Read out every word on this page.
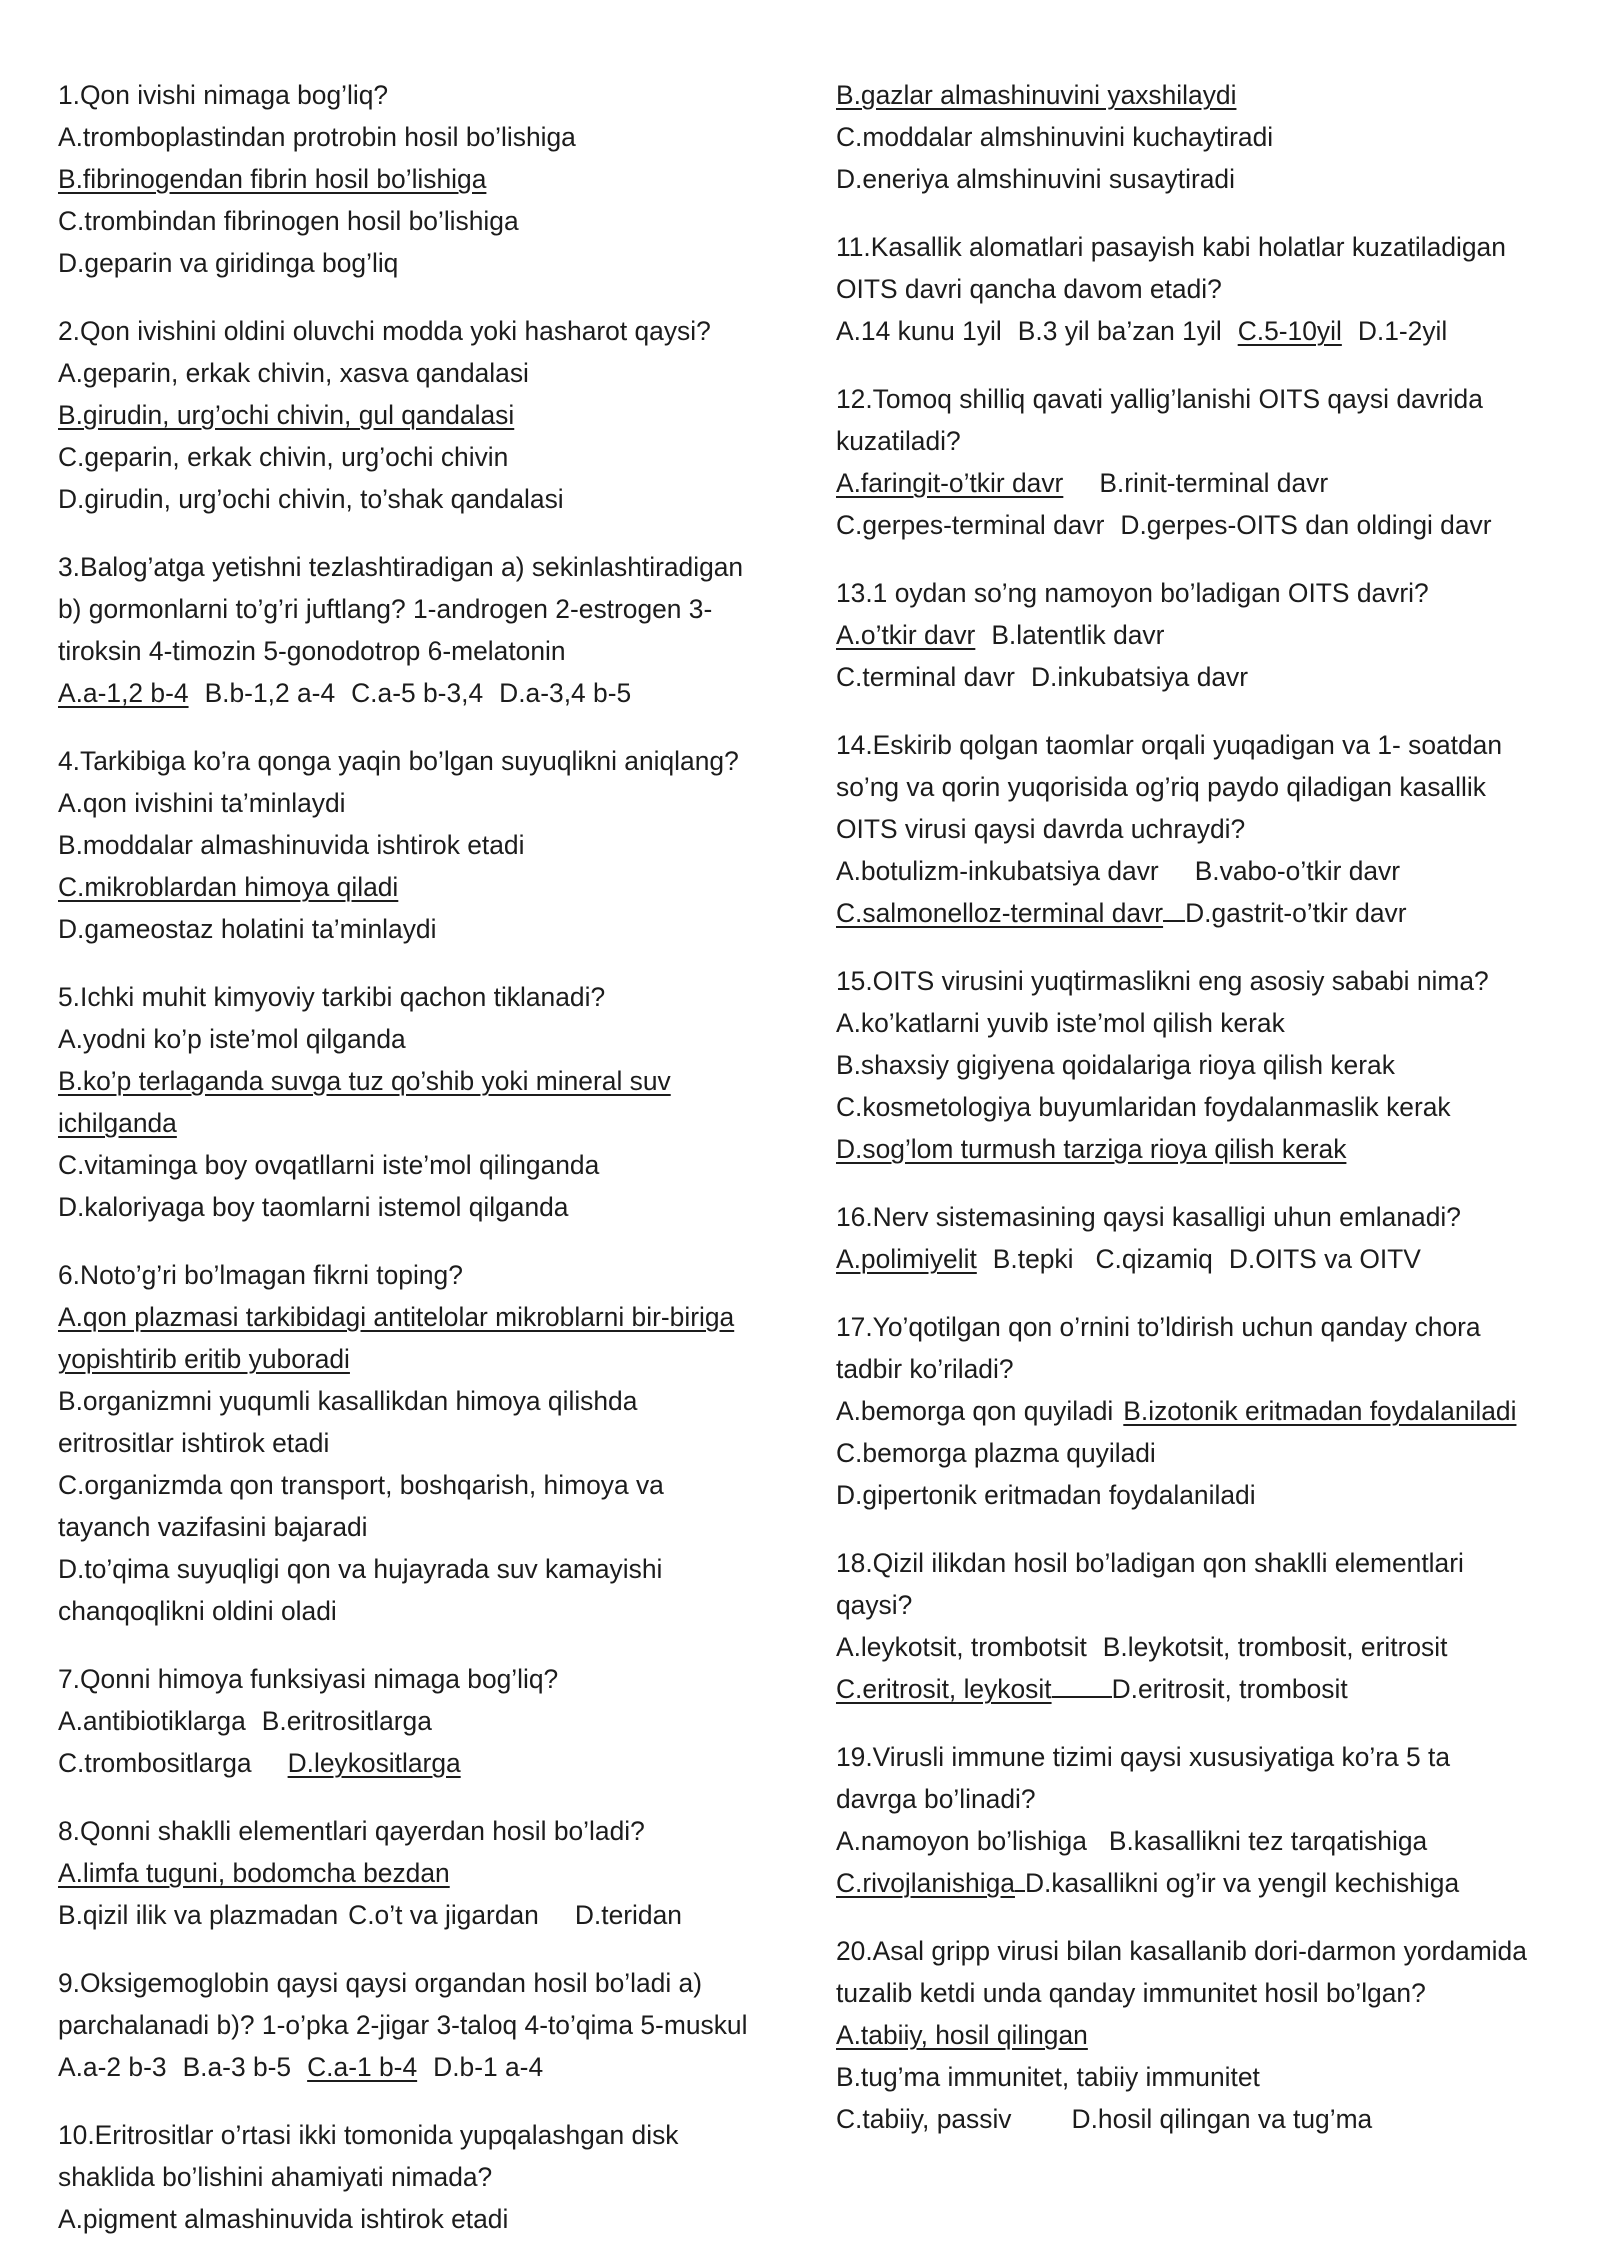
1.Qon ivishi nimaga bog’liq?
A.tromboplastindan protrobin hosil bo’lishiga
B.fibrinogendan fibrin hosil bo’lishiga
C.trombindan fibrinogen hosil bo’lishiga
D.geparin va giridinga bog’liq
2.Qon ivishini oldini oluvchi modda yoki hasharot qaysi?
A.geparin, erkak chivin, xasva qandalasi
B.girudin, urg’ochi chivin, gul qandalasi
C.geparin, erkak chivin, urg’ochi chivin
D.girudin, urg’ochi chivin, to’shak qandalasi
3.Balog’atga yetishni tezlashtiradigan a) sekinlashtiradigan
b) gormonlarni to’g’ri juftlang? 1-androgen 2-estrogen 3-
tiroksin 4-timozin 5-gonodotrop 6-melatonin
A.a-1,2 b-4 B.b-1,2 a-4 C.a-5 b-3,4 D.a-3,4 b-5
4.Tarkibiga ko’ra qonga yaqin bo’lgan suyuqlikni aniqlang?
A.qon ivishini ta’minlaydi
B.moddalar almashinuvida ishtirok etadi
C.mikroblardan himoya qiladi
D.gameostaz holatini ta’minlaydi
5.Ichki muhit kimyoviy tarkibi qachon tiklanadi?
A.yodni ko’p iste’mol qilganda
B.ko’p terlaganda suvga tuz qo’shib yoki mineral suv
ichilganda
C.vitaminga boy ovqatllarni iste’mol qilinganda
D.kaloriyaga boy taomlarni istemol qilganda
6.Noto’g’ri bo’lmagan fikrni toping?
A.qon plazmasi tarkibidagi antitelolar mikroblarni bir-biriga
yopishtirib eritib yuboradi
B.organizmni yuqumli kasallikdan himoya qilishda
eritrositlar ishtirok etadi
C.organizmda qon transport, boshqarish, himoya va
tayanch vazifasini bajaradi
D.to’qima suyuqligi qon va hujayrada suv kamayishi
chanqoqlikni oldini oladi
7.Qonni himoya funksiyasi nimaga bog’liq?
A.antibiotiklarga B.eritrositlarga
C.trombositlarga D.leykositlarga
8.Qonni shaklli elementlari qayerdan hosil bo’ladi?
A.limfa tuguni, bodomcha bezdan
B.qizil ilik va plazmadan C.o’t va jigardan D.teridan
9.Oksigemoglobin qaysi qaysi organdan hosil bo’ladi a)
parchalanadi b)? 1-o’pka 2-jigar 3-taloq 4-to’qima 5-muskul
A.a-2 b-3 B.a-3 b-5 C.a-1 b-4 D.b-1 a-4
10.Eritrositlar o’rtasi ikki tomonida yupqalashgan disk
shaklida bo’lishini ahamiyati nimada?
A.pigment almashinuvida ishtirok etadi
B.gazlar almashinuvini yaxshilaydi
C.moddalar almshinuvini kuchaytiradi
D.eneriya almshinuvini susaytiradi
11.Kasallik alomatlari pasayish kabi holatlar kuzatiladigan
OITS davri qancha davom etadi?
A.14 kunu 1yil B.3 yil ba’zan 1yil C.5-10yil D.1-2yil
12.Tomoq shilliq qavati yallig’lanishi OITS qaysi davrida
kuzatiladi?
A.faringit-o’tkir davr B.rinit-terminal davr
C.gerpes-terminal davr D.gerpes-OITS dan oldingi davr
13.1 oydan so’ng namoyon bo’ladigan OITS davri?
A.o’tkir davr B.latentlik davr
C.terminal davr D.inkubatsiya davr
14.Eskirib qolgan taomlar orqali yuqadigan va 1- soatdan
so’ng va qorin yuqorisida og’riq paydo qiladigan kasallik
OITS virusi qaysi davrda uchraydi?
A.botulizm-inkubatsiya davr B.vabo-o’tkir davr
C.salmonelloz-terminal davr D.gastrit-o’tkir davr
15.OITS virusini yuqtirmaslikni eng asosiy sababi nima?
A.ko’katlarni yuvib iste’mol qilish kerak
B.shaxsiy gigiyena qoidalariga rioya qilish kerak
C.kosmetologiya buyumlaridan foydalanmaslik kerak
D.sog’lom turmush tarziga rioya qilish kerak
16.Nerv sistemasining qaysi kasalligi uhun emlanadi?
A.polimiyelit B.tepki C.qizamiq D.OITS va OITV
17.Yo’qotilgan qon o’rnini to’ldirish uchun qanday chora
tadbir ko’riladi?
A.bemorga qon quyiladi B.izotonik eritmadan foydalaniladi
C.bemorga plazma quyiladi
D.gipertonik eritmadan foydalaniladi
18.Qizil ilikdan hosil bo’ladigan qon shaklli elementlari
qaysi?
A.leykotsit, trombotsit B.leykotsit, trombosit, eritrosit
C.eritrosit, leykosit D.eritrosit, trombosit
19.Virusli immune tizimi qaysi xususiyatiga ko’ra 5 ta
davrga bo’linadi?
A.namoyon bo’lishiga B.kasallikni tez tarqatishiga
C.rivojlanishiga D.kasallikni og’ir va yengil kechishiga
20.Asal gripp virusi bilan kasallanib dori-darmon yordamida
tuzalib ketdi unda qanday immunitet hosil bo’lgan?
A.tabiiy, hosil qilingan
B.tug’ma immunitet, tabiiy immunitet
C.tabiiy, passiv D.hosil qilingan va tug’ma
